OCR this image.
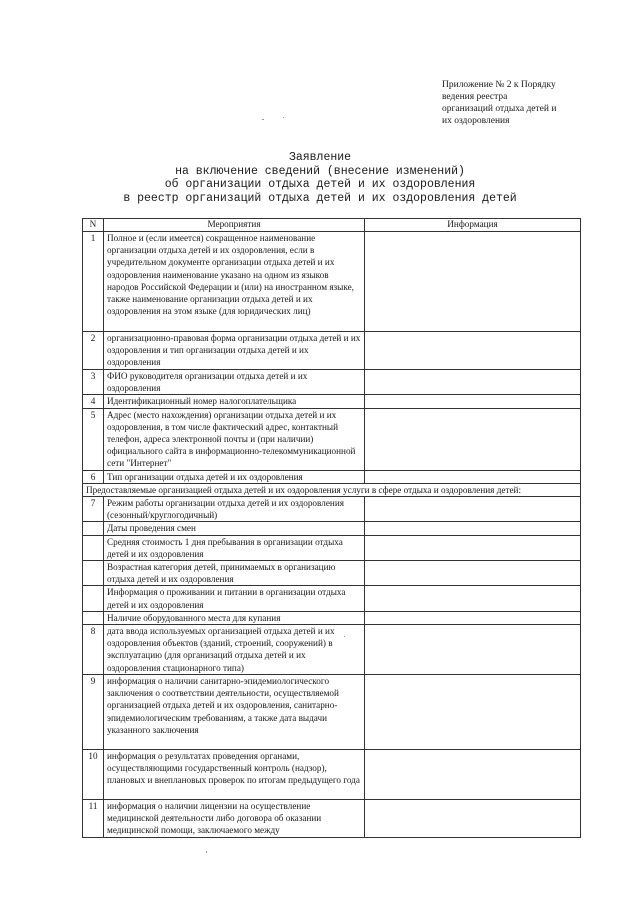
Приложение № 2 к Порядку
ведения реестра
организаций отдыха детей и
их оздоровления
Заявление
на включение сведений (внесение изменений)
об организации отдыха детей и их оздоровления
в реестр организаций отдыха детей и их оздоровления детей
N	Мероприятия	Информация
1	Полное и (если имеется) сокращенное наименование организации отдыха детей и их оздоровления, если в учредительном документе организации отдыха детей и их оздоровления наименование указано на одном из языков народов Российской Федерации и (или) на иностранном языке, также наименование организации отдыха детей и их оздоровления на этом языке (для юридических лиц)	
2	организационно-правовая форма организации отдыха детей и их оздоровления и тип организации отдыха детей и их оздоровления	
3	ФИО руководителя организации отдыха детей и их оздоровления	
4	Идентификационный номер налогоплательщика	
5	Адрес (место нахождения) организации отдыха детей и их оздоровления, в том числе фактический адрес, контактный телефон, адреса электронной почты и (при наличии) официального сайта в информационно-телекоммуникационной сети "Интернет"	
6	Тип организации отдыха детей и их оздоровления	
Предоставляемые организацией отдыха детей и их оздоровления услуги в сфере отдыха и оздоровления детей:		
7	Режим работы организации отдыха детей и их оздоровления (сезонный/круглогодичный)	
	Даты проведения смен	
	Средняя стоимость 1 дня пребывания в организации отдыха детей и их оздоровления	
	Возрастная категория детей, принимаемых в организацию отдыха детей и их оздоровления	
	Информация о проживании и питании в организации отдыха детей и их оздоровления	
	Наличие оборудованного места для купания	
8	дата ввода используемых организацией отдыха детей и их оздоровления объектов (зданий, строений, сооружений) в эксплуатацию (для организаций отдыха детей и их оздоровления стационарного типа)	
9	информация о наличии санитарно-эпидемиологического заключения о соответствии деятельности, осуществляемой организацией отдыха детей и их оздоровления, санитарно-эпидемиологическим требованиям, а также дата выдачи указанного заключения	
10	информация о результатах проведения органами, осуществляющими государственный контроль (надзор), плановых и внеплановых проверок по итогам предыдущего года	
11	информация о наличии лицензии на осуществление медицинской деятельности либо договора об оказании медицинской помощи, заключаемого между	
